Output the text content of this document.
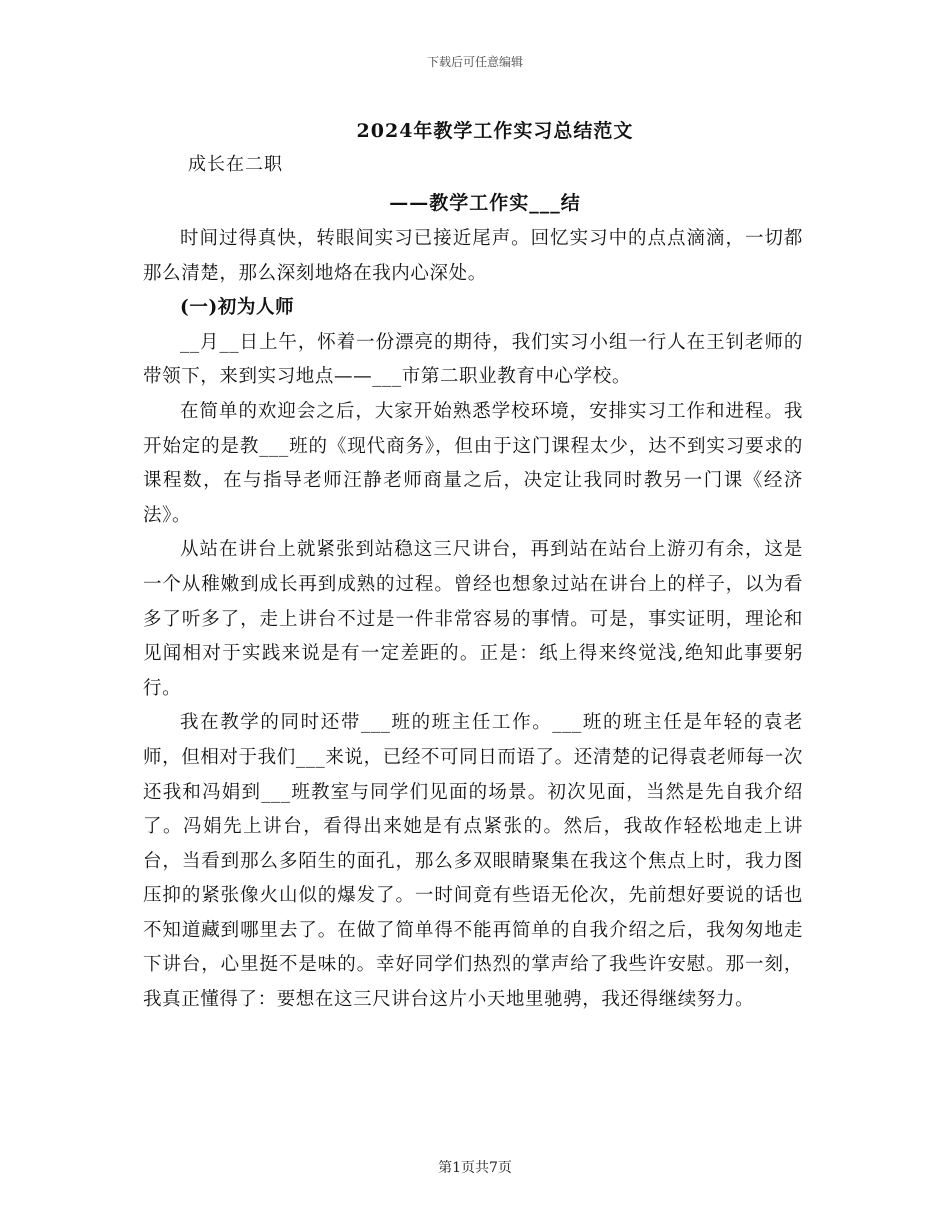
下载后可任意编辑
2024年教学工作实习总结范文
成长在二职
——教学工作实___结

时间过得真快，转眼间实习已接近尾声。回忆实习中的点点滴滴，一切都那么清楚，那么深刻地烙在我内心深处。

(一)初为人师

__月__日上午，怀着一份漂亮的期待，我们实习小组一行人在王钊老师的带领下，来到实习地点——___市第二职业教育中心学校。

在简单的欢迎会之后，大家开始熟悉学校环境，安排实习工作和进程。我开始定的是教___班的《现代商务》，但由于这门课程太少，达不到实习要求的课程数，在与指导老师汪静老师商量之后，决定让我同时教另一门课《经济法》。

从站在讲台上就紧张到站稳这三尺讲台，再到站在站台上游刃有余，这是一个从稚嫩到成长再到成熟的过程。曾经也想象过站在讲台上的样子，以为看多了听多了，走上讲台不过是一件非常容易的事情。可是，事实证明，理论和见闻相对于实践来说是有一定差距的。正是：纸上得来终觉浅,绝知此事要躬行。

我在教学的同时还带___班的班主任工作。___班的班主任是年轻的袁老师，但相对于我们___来说，已经不可同日而语了。还清楚的记得袁老师每一次还我和冯娟到___班教室与同学们见面的场景。初次见面，当然是先自我介绍了。冯娟先上讲台，看得出来她是有点紧张的。然后，我故作轻松地走上讲台，当看到那么多陌生的面孔，那么多双眼睛聚集在我这个焦点上时，我力图压抑的紧张像火山似的爆发了。一时间竟有些语无伦次，先前想好要说的话也不知道藏到哪里去了。在做了简单得不能再简单的自我介绍之后，我匆匆地走下讲台，心里挺不是味的。幸好同学们热烈的掌声给了我些许安慰。那一刻，我真正懂得了：要想在这三尺讲台这片小天地里驰骋，我还得继续努力。

第1页共7页
